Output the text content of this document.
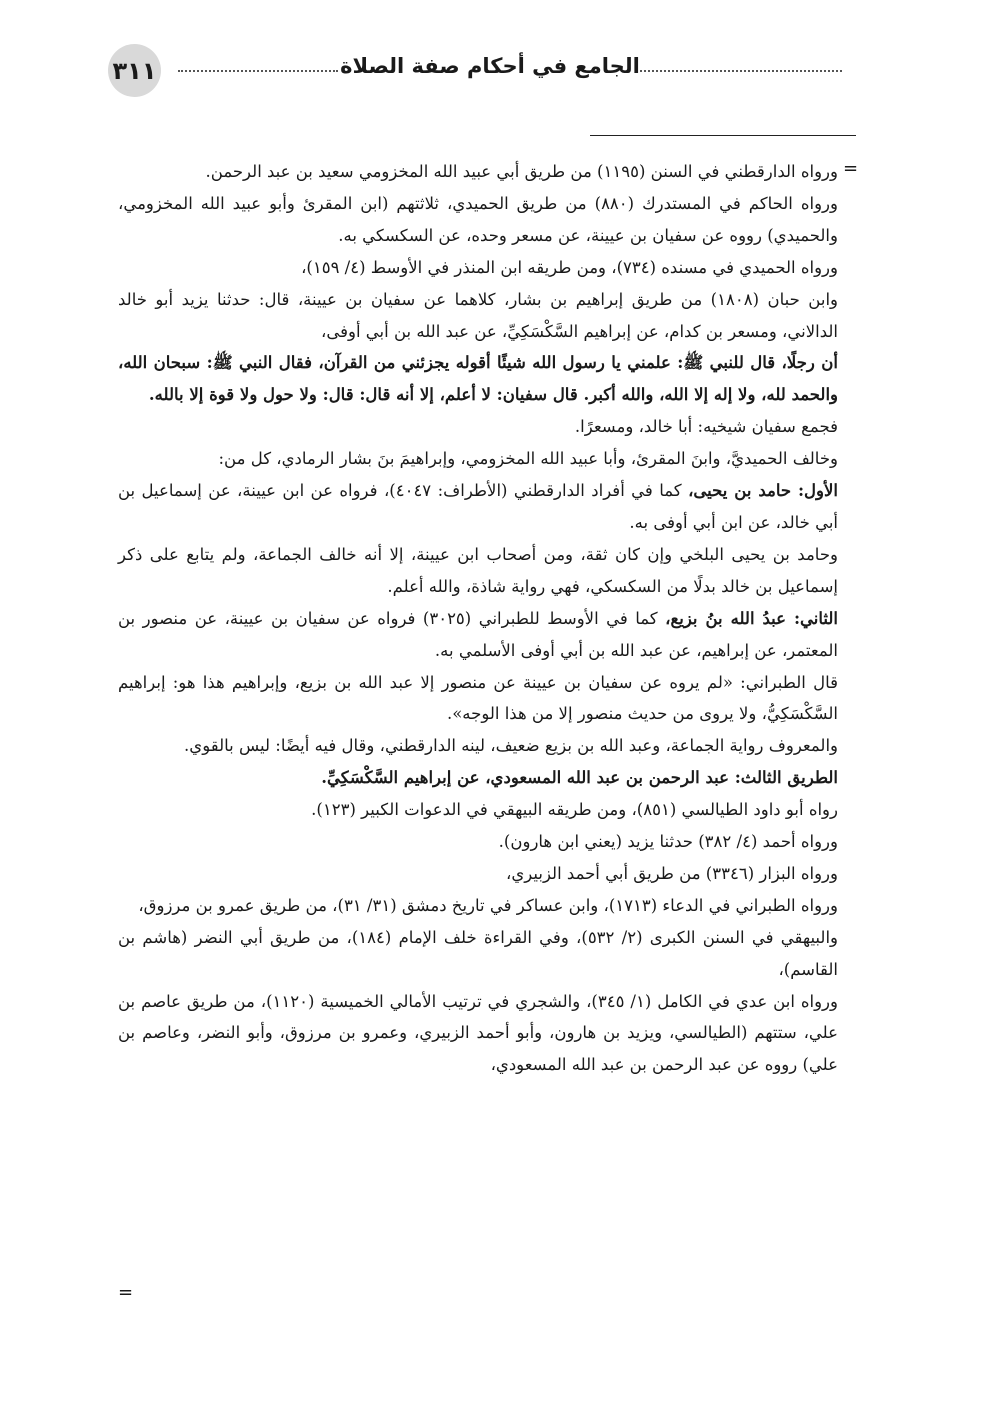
٣١١	الجامع في أحكام صفة الصلاة
=

ورواه الدارقطني في السنن (١١٩٥) من طريق أبي عبيد الله المخزومي سعيد بن عبد الرحمن.

ورواه الحاكم في المستدرك (٨٨٠) من طريق الحميدي، ثلاثتهم (ابن المقرئ وأبو عبيد الله المخزومي، والحميدي) رووه عن سفيان بن عيينة، عن مسعر وحده، عن السكسكي به.

ورواه الحميدي في مسنده (٧٣٤)، ومن طريقه ابن المنذر في الأوسط (٤/ ١٥٩)،

وابن حبان (١٨٠٨) من طريق إبراهيم بن بشار، كلاهما عن سفيان بن عيينة، قال: حدثنا يزيد أبو خالد الدالاني، ومسعر بن كدام، عن إبراهيم السَّكْسَكِيِّ، عن عبد الله بن أبي أوفى،

أن رجلًا، قال للنبي ﷺ: علمني يا رسول الله شيئًا أقوله يجزئني من القرآن، فقال النبي ﷺ: سبحان الله، والحمد لله، ولا إله إلا الله، والله أكبر. قال سفيان: لا أعلم، إلا أنه قال: قال: ولا حول ولا قوة إلا بالله.

فجمع سفيان شيخيه: أبا خالد، ومسعرًا.

وخالف الحميديَّ، وابنَ المقرئ، وأبا عبيد الله المخزومي، وإبراهيمَ بنَ بشار الرمادي، كل من:

الأول: حامد بن يحيى، كما في أفراد الدارقطني (الأطراف: ٤٠٤٧)، فرواه عن ابن عيينة، عن إسماعيل بن أبي خالد، عن ابن أبي أوفى به.

وحامد بن يحيى البلخي وإن كان ثقة، ومن أصحاب ابن عيينة، إلا أنه خالف الجماعة، ولم يتابع على ذكر إسماعيل بن خالد بدلًا من السكسكي، فهي رواية شاذة، والله أعلم.

الثاني: عبدُ الله بنُ بزيع، كما في الأوسط للطبراني (٣٠٢٥) فرواه عن سفيان بن عيينة، عن منصور بن المعتمر، عن إبراهيم، عن عبد الله بن أبي أوفى الأسلمي به.

قال الطبراني: «لم يروه عن سفيان بن عيينة عن منصور إلا عبد الله بن بزيع، وإبراهيم هذا هو: إبراهيم السَّكْسَكِيُّ، ولا يروى من حديث منصور إلا من هذا الوجه».

والمعروف رواية الجماعة، وعبد الله بن بزيع ضعيف، لينه الدارقطني، وقال فيه أيضًا: ليس بالقوي.

الطريق الثالث: عبد الرحمن بن عبد الله المسعودي، عن إبراهيم السَّكْسَكِيِّ.

رواه أبو داود الطيالسي (٨٥١)، ومن طريقه البيهقي في الدعوات الكبير (١٢٣).

ورواه أحمد (٤/ ٣٨٢) حدثنا يزيد (يعني ابن هارون).

ورواه البزار (٣٣٤٦) من طريق أبي أحمد الزبيري،

ورواه الطبراني في الدعاء (١٧١٣)، وابن عساكر في تاريخ دمشق (٣١/ ٣١)، من طريق عمرو بن مرزوق،

والبيهقي في السنن الكبرى (٢/ ٥٣٢)، وفي القراءة خلف الإمام (١٨٤)، من طريق أبي النضر (هاشم بن القاسم)،

ورواه ابن عدي في الكامل (١/ ٣٤٥)، والشجري في ترتيب الأمالي الخميسية (١١٢٠)، من طريق عاصم بن علي، ستتهم (الطيالسي، ويزيد بن هارون، وأبو أحمد الزبيري، وعمرو بن مرزوق، وأبو النضر، وعاصم بن علي) رووه عن عبد الرحمن بن عبد الله المسعودي،

=
